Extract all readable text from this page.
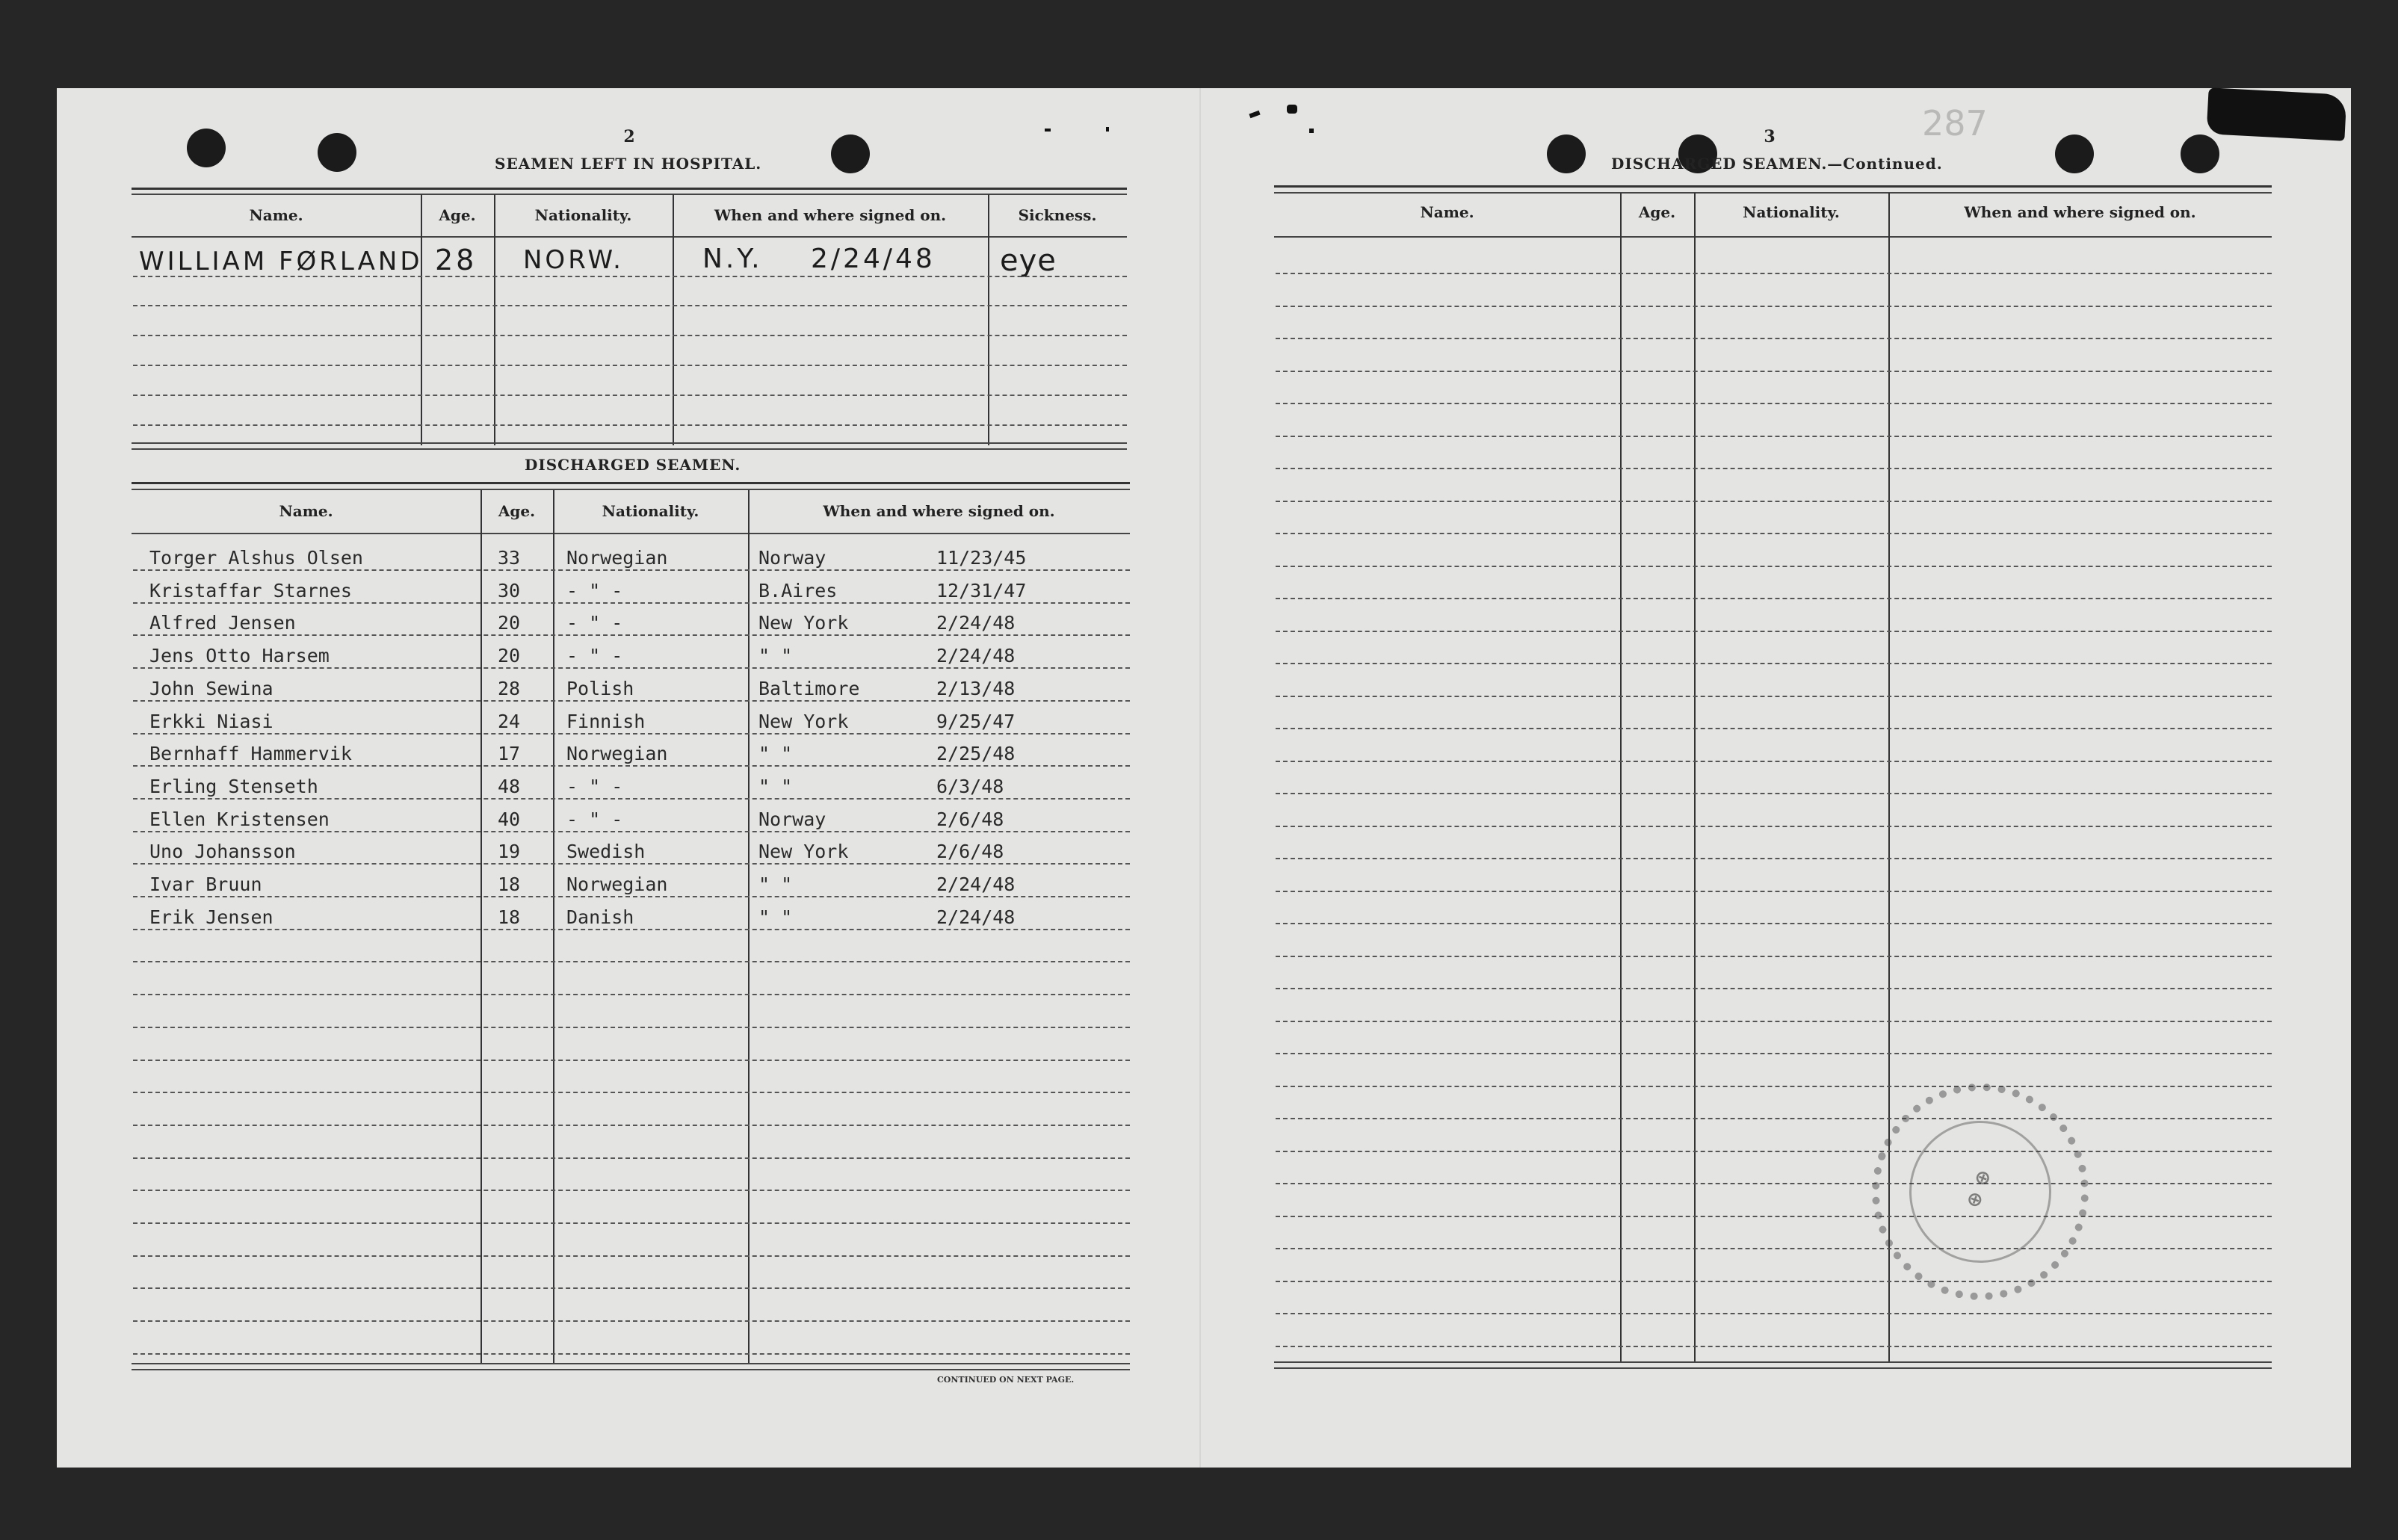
2
SEAMEN LEFT IN HOSPITAL.
Name.	Age.	Nationality.	When and where signed on.	Sickness.
WILLIAM FØRLAND 28 NORW.	N.Y. 2/24/48 eye
DISCHARGED SEAMEN.
Name.	Age.	Nationality.	When and where signed on.
Torger Alshus Olsen	33 Norwegian	Norway	11/23/45
Kristaffar Starnes	30 - " -	B.Aires	12/31/47
Alfred Jensen	20 - " -	New York	2/24/48
Jens Otto Harsem	20 - " -	" "	2/24/48
John Sewina	28 Polish	Baltimore	2/13/48
Erkki Niasi	24 Finnish	New York	9/25/47
Bernhaff Hammervik	17 Norwegian	" "	2/25/48
Erling Stenseth	48 - " -	" "	6/3/48
Ellen Kristensen	40 - " -	Norway	2/6/48
Uno Johansson	19 Swedish	New York	2/6/48
Ivar Bruun	18 Norwegian	" "	2/24/48
Erik Jensen	18 Danish	" "	2/24/48
CONTINUED ON NEXT PAGE.
3	287
DISCHARGED SEAMEN.—Continued.
Name.	Age.	Nationality.	When and where signed on.
⊕ ⊕
